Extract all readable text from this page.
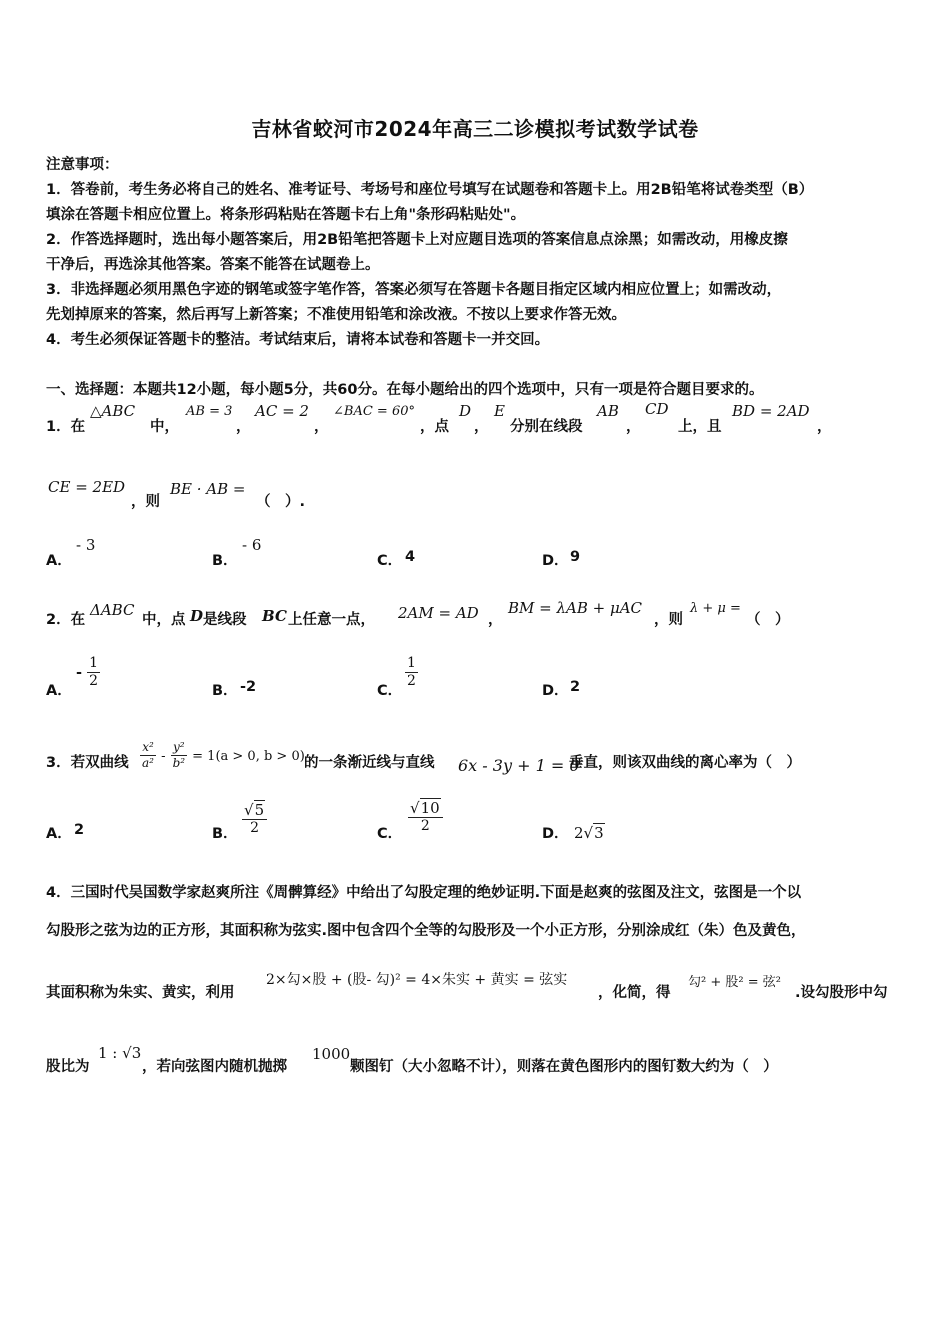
吉林省蛟河市2024年高三二诊模拟考试数学试卷
注意事项：
1．答卷前，考生务必将自己的姓名、准考证号、考场号和座位号填写在试题卷和答题卡上。用2B铅笔将试卷类型（B）
填涂在答题卡相应位置上。将条形码粘贴在答题卡右上角"条形码粘贴处"。
2．作答选择题时，选出每小题答案后，用2B铅笔把答题卡上对应题目选项的答案信息点涂黑；如需改动，用橡皮擦
干净后，再选涂其他答案。答案不能答在试题卷上。
3．非选择题必须用黑色字迹的钢笔或签字笔作答，答案必须写在答题卡各题目指定区域内相应位置上；如需改动，
先划掉原来的答案，然后再写上新答案；不准使用铅笔和涂改液。不按以上要求作答无效。
4．考生必须保证答题卡的整洁。考试结束后，请将本试卷和答题卡一并交回。
一、选择题：本题共12小题，每小题5分，共60分。在每小题给出的四个选项中，只有一项是符合题目要求的。
1．在
△ABC
中，
AB = 3
，
AC = 2
，
∠BAC = 60°
，点
D
，
E
分别在线段
AB
，
CD
上，且
BD = 2AD
，
CE = 2ED
，则
BE · AB =
（　）.
A．
- 3
B．
- 6
C． 4	D． 9
2．在
ΔABC
中，点 D 是线段 BC 上任意一点， 2AM = AD ，
BM = λAB + μAC
，则
λ + μ =
（　）
A．
- $\frac{1}{2}$
B． -2	C．
$\frac{1}{2}$
D． 2
3．若双曲线 $\frac{\text{x²}}{\text{a²}} - \frac{\text{y²}}{\text{b²}} = 1(a > 0$, b > 0) 的一条渐近线与直线 6x - 3y + 1 = 0
垂直，则该双曲线的离心率为（　）
A． 2	B． $\frac{√5}{2}$	C． $\frac{√10}{2}$	D． 2√3
4．三国时代吴国数学家赵爽所注《周髀算经》中给出了勾股定理的绝妙证明.下面是赵爽的弦图及注文，弦图是一个以
勾股形之弦为边的正方形，其面积称为弦实.图中包含四个全等的勾股形及一个小正方形，分别涂成红（朱）色及黄色，
其面积称为朱实、黄实，利用
2×勾×股 + (股- 勾)² = 4×朱实 + 黄实 = 弦实
，化简，得
勾² + 股² = 弦²
.设勾股形中勾
股比为
1 : √3
，若向弦图内随机抛掷
1000
颗图钉（大小忽略不计），则落在黄色图形内的图钉数大约为（　）
